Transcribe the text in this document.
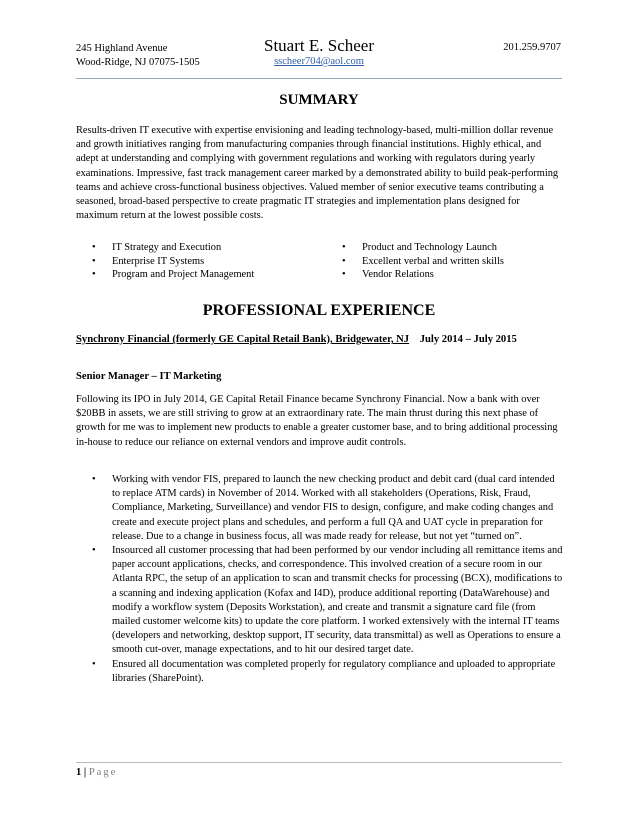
245 Highland Avenue
Wood-Ridge, NJ 07075-1505
Stuart E. Scheer
sscheer704@aol.com
201.259.9707
SUMMARY
Results-driven IT executive with expertise envisioning and leading technology-based, multi-million dollar revenue and growth initiatives ranging from manufacturing companies through financial institutions. Highly ethical, and adept at understanding and complying with government regulations and working with regulators during yearly examinations. Impressive, fast track management career marked by a demonstrated ability to build peak-performing teams and achieve cross-functional business objectives. Valued member of senior executive teams contributing a seasoned, broad-based perspective to create pragmatic IT strategies and implementation plans designed for maximum return at the lowest possible costs.
• IT Strategy and Execution
• Enterprise IT Systems
• Program and Project Management
• Product and Technology Launch
• Excellent verbal and written skills
• Vendor Relations
PROFESSIONAL EXPERIENCE
Synchrony Financial (formerly GE Capital Retail Bank), Bridgewater, NJ July 2014 – July 2015
Senior Manager – IT Marketing
Following its IPO in July 2014, GE Capital Retail Finance became Synchrony Financial. Now a bank with over $20BB in assets, we are still striving to grow at an extraordinary rate. The main thrust during this next phase of growth for me was to implement new products to enable a greater customer base, and to bring additional processing in-house to reduce our reliance on external vendors and improve audit controls.
• Working with vendor FIS, prepared to launch the new checking product and debit card (dual card intended to replace ATM cards) in November of 2014. Worked with all stakeholders (Operations, Risk, Fraud, Compliance, Marketing, Surveillance) and vendor FIS to design, configure, and make coding changes and create and execute project plans and schedules, and perform a full QA and UAT cycle in preparation for release. Due to a change in business focus, all was made ready for release, but not yet “turned on”.
• Insourced all customer processing that had been performed by our vendor including all remittance items and paper account applications, checks, and correspondence. This involved creation of a secure room in our Atlanta RPC, the setup of an application to scan and transmit checks for processing (BCX), modifications to a scanning and indexing application (Kofax and I4D), produce additional reporting (DataWarehouse) and modify a workflow system (Deposits Workstation), and create and transmit a signature card file (from mailed customer welcome kits) to update the core platform. I worked extensively with the internal IT teams (developers and networking, desktop support, IT security, data transmittal) as well as Operations to ensure a smooth cut-over, manage expectations, and to hit our desired target date.
• Ensured all documentation was completed properly for regulatory compliance and uploaded to appropriate libraries (SharePoint).
1 | Page
